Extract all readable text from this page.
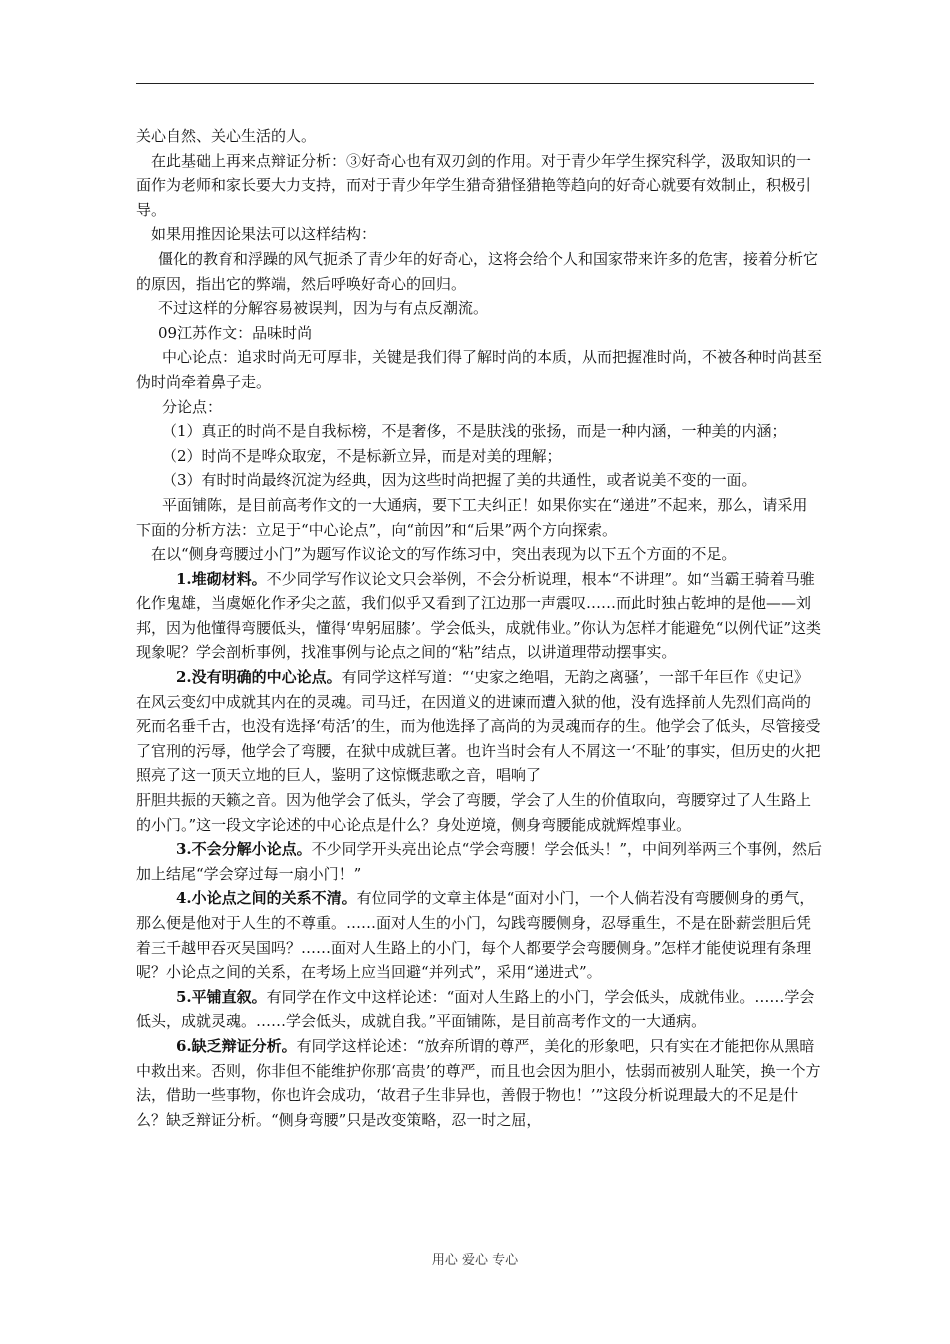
关心自然、关心生活的人。

在此基础上再来点辩证分析：③好奇心也有双刃剑的作用。对于青少年学生探究科学，汲取知识的一面作为老师和家长要大力支持，而对于青少年学生猎奇猎怪猎艳等趋向的好奇心就要有效制止，积极引导。

如果用推因论果法可以这样结构：

僵化的教育和浮躁的风气扼杀了青少年的好奇心，这将会给个人和国家带来许多的危害，接着分析它的原因，指出它的弊端，然后呼唤好奇心的回归。

不过这样的分解容易被误判，因为与有点反潮流。

09江苏作文：品味时尚

中心论点：追求时尚无可厚非，关键是我们得了解时尚的本质，从而把握准时尚，不被各种时尚甚至伪时尚牵着鼻子走。

分论点：

（1）真正的时尚不是自我标榜，不是奢侈，不是肤浅的张扬，而是一种内涵，一种美的内涵；

（2）时尚不是哗众取宠，不是标新立异，而是对美的理解；

（3）有时时尚最终沉淀为经典，因为这些时尚把握了美的共通性，或者说美不变的一面。

平面铺陈，是目前高考作文的一大通病，要下工夫纠正！如果你实在“递进”不起来，那么，请采用下面的分析方法：立足于“中心论点”，向“前因”和“后果”两个方向探索。

在以“侧身弯腰过小门”为题写作议论文的写作练习中，突出表现为以下五个方面的不足。

1.堆砌材料。不少同学写作议论文只会举例，不会分析说理，根本“不讲理”。如“当霸王骑着马骓化作鬼雄，当虞姬化作矛尖之蓝，我们似乎又看到了江边那一声震叹……而此时独占乾坤的是他——刘邦，因为他懂得弯腰低头，懂得‘卑躬屈膝’。学会低头，成就伟业。”你认为怎样才能避免“以例代证”这类现象呢？学会剖析事例，找准事例与论点之间的“粘”结点，以讲道理带动摆事实。

2.没有明确的中心论点。有同学这样写道：“‘史家之绝唱，无韵之离骚’，一部千年巨作《史记》在风云变幻中成就其内在的灵魂。司马迁，在因道义的进谏而遭入狱的他，没有选择前人先烈们高尚的死而名垂千古，也没有选择‘苟活’的生，而为他选择了高尚的为灵魂而存的生。他学会了低头，尽管接受了官刑的污辱，他学会了弯腰，在狱中成就巨著。也许当时会有人不屑这一‘不耻’的事实，但历史的火把照亮了这一顶天立地的巨人，鉴明了这惊慨悲歌之音，唱响了

肝胆共振的天籁之音。因为他学会了低头，学会了弯腰，学会了人生的价值取向，弯腰穿过了人生路上的小门。”这一段文字论述的中心论点是什么？身处逆境，侧身弯腰能成就辉煌事业。

3.不会分解小论点。不少同学开头亮出论点“学会弯腰！学会低头！”，中间列举两三个事例，然后加上结尾“学会穿过每一扇小门！”

4.小论点之间的关系不清。有位同学的文章主体是“面对小门，一个人倘若没有弯腰侧身的勇气，那么便是他对于人生的不尊重。……面对人生的小门，勾践弯腰侧身，忍辱重生，不是在卧薪尝胆后凭着三千越甲吞灭吴国吗？……面对人生路上的小门，每个人都要学会弯腰侧身。”怎样才能使说理有条理呢？小论点之间的关系，在考场上应当回避“并列式”，采用“递进式”。

5.平铺直叙。有同学在作文中这样论述：“面对人生路上的小门，学会低头，成就伟业。……学会低头，成就灵魂。……学会低头，成就自我。”平面铺陈，是目前高考作文的一大通病。

6.缺乏辩证分析。有同学这样论述：“放弃所谓的尊严，美化的形象吧，只有实在才能把你从黑暗中救出来。否则，你非但不能维护你那‘高贵’的尊严，而且也会因为胆小，怯弱而被别人耻笑，换一个方法，借助一些事物，你也许会成功，‘故君子生非异也，善假于物也！’”这段分析说理最大的不足是什么？缺乏辩证分析。“侧身弯腰”只是改变策略，忍一时之屈，

用心 爱心 专心
